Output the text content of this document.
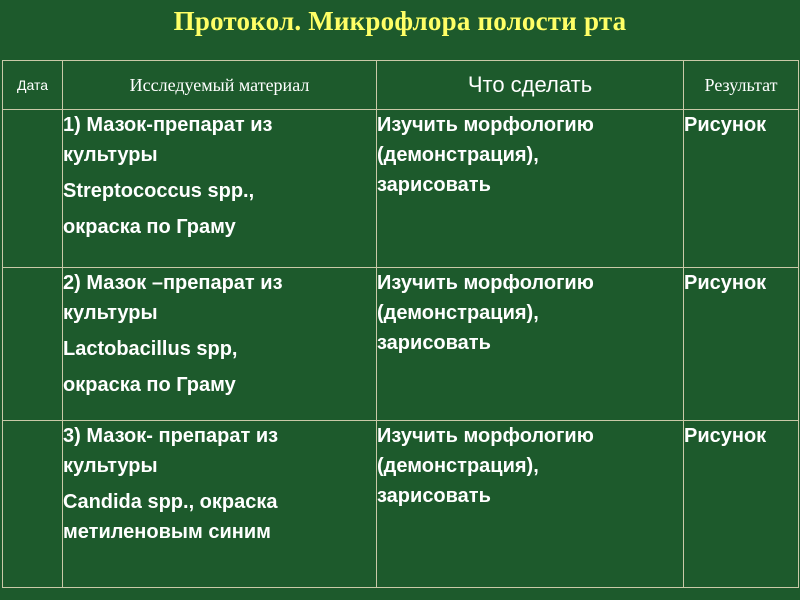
Протокол. Микрофлора полости рта
Дата	Исследуемый материал	Что сделать	Результат

	1) Мазок-препарат из
культуры
Streptococcus spp.,
окраска по Граму	Изучить морфологию
(демонстрация),
зарисовать	Рисунок

	2) Мазок –препарат из
культуры
Lactobacillus spp,
окраска по Граму	Изучить морфологию
(демонстрация),
зарисовать	Рисунок

	3) Мазок- препарат из
культуры
Candida spp., окраска
метиленовым синим	Изучить морфологию
(демонстрация),
зарисовать	Рисунок
